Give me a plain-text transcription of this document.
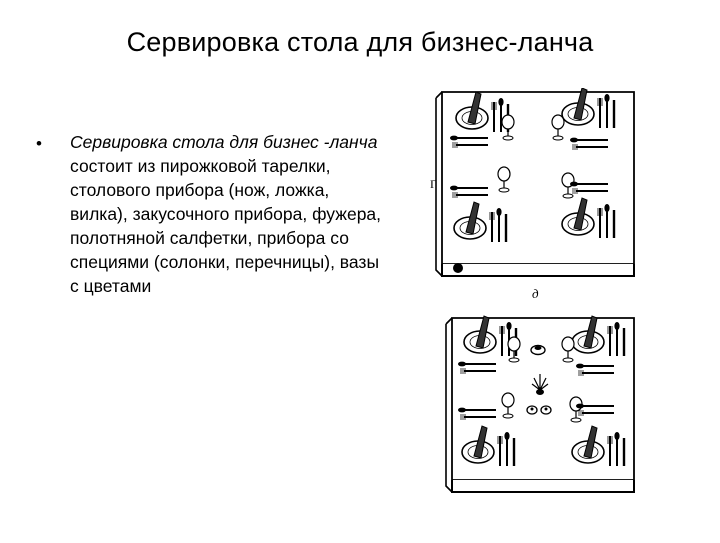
Сервировка стола для бизнес-ланча
• Сервировка стола для бизнес -ланча состоит из пирожковой тарелки, столового прибора (нож, ложка, вилка), закусочного прибора, фужера, полотняной салфетки, прибора со специями (солонки, перечницы), вазы с цветами
Г
д
